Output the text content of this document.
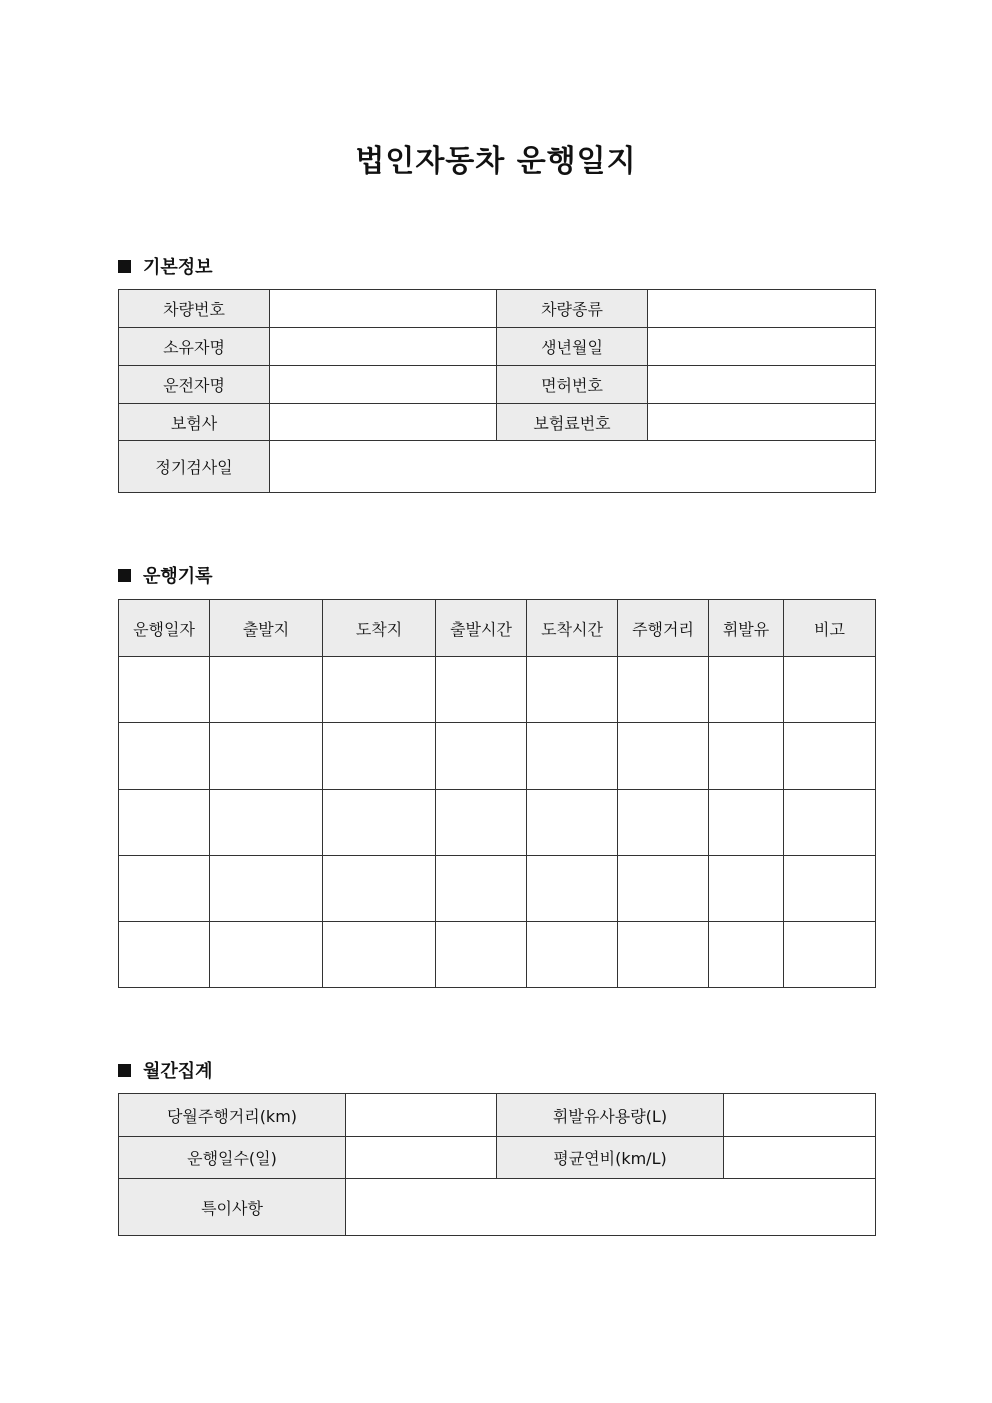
법인자동차 운행일지
기본정보
차량번호		차량종류	
소유자명		생년월일	
운전자명		면허번호	
보험사		보험료번호	
정기검사일			
운행기록
운행일자	출발지	도착지	출발시간	도착시간	주행거리	휘발유	비고

월간집계
당월주행거리(km)		휘발유사용량(L)	
운행일수(일)		평균연비(km/L)	
특이사항			
